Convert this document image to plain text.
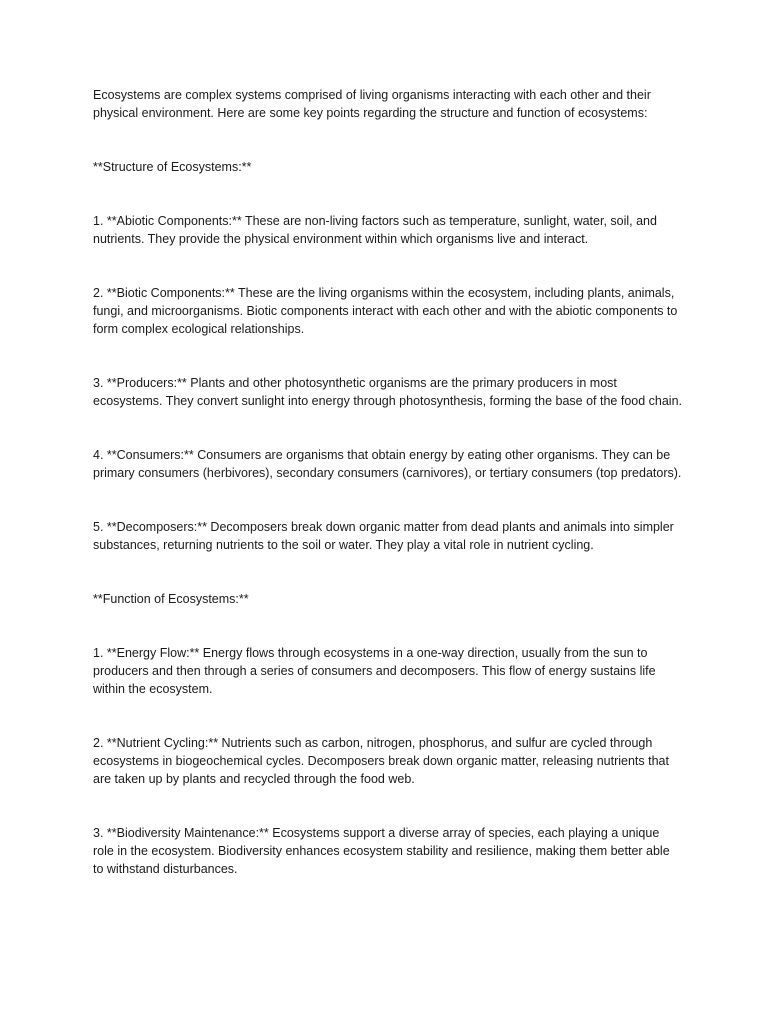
Ecosystems are complex systems comprised of living organisms interacting with each other and their physical environment. Here are some key points regarding the structure and function of ecosystems:

**Structure of Ecosystems:**

1. **Abiotic Components:** These are non-living factors such as temperature, sunlight, water, soil, and nutrients. They provide the physical environment within which organisms live and interact.

2. **Biotic Components:** These are the living organisms within the ecosystem, including plants, animals, fungi, and microorganisms. Biotic components interact with each other and with the abiotic components to form complex ecological relationships.

3. **Producers:** Plants and other photosynthetic organisms are the primary producers in most ecosystems. They convert sunlight into energy through photosynthesis, forming the base of the food chain.

4. **Consumers:** Consumers are organisms that obtain energy by eating other organisms. They can be primary consumers (herbivores), secondary consumers (carnivores), or tertiary consumers (top predators).

5. **Decomposers:** Decomposers break down organic matter from dead plants and animals into simpler substances, returning nutrients to the soil or water. They play a vital role in nutrient cycling.

**Function of Ecosystems:**

1. **Energy Flow:** Energy flows through ecosystems in a one-way direction, usually from the sun to producers and then through a series of consumers and decomposers. This flow of energy sustains life within the ecosystem.

2. **Nutrient Cycling:** Nutrients such as carbon, nitrogen, phosphorus, and sulfur are cycled through ecosystems in biogeochemical cycles. Decomposers break down organic matter, releasing nutrients that are taken up by plants and recycled through the food web.

3. **Biodiversity Maintenance:** Ecosystems support a diverse array of species, each playing a unique role in the ecosystem. Biodiversity enhances ecosystem stability and resilience, making them better able to withstand disturbances.
